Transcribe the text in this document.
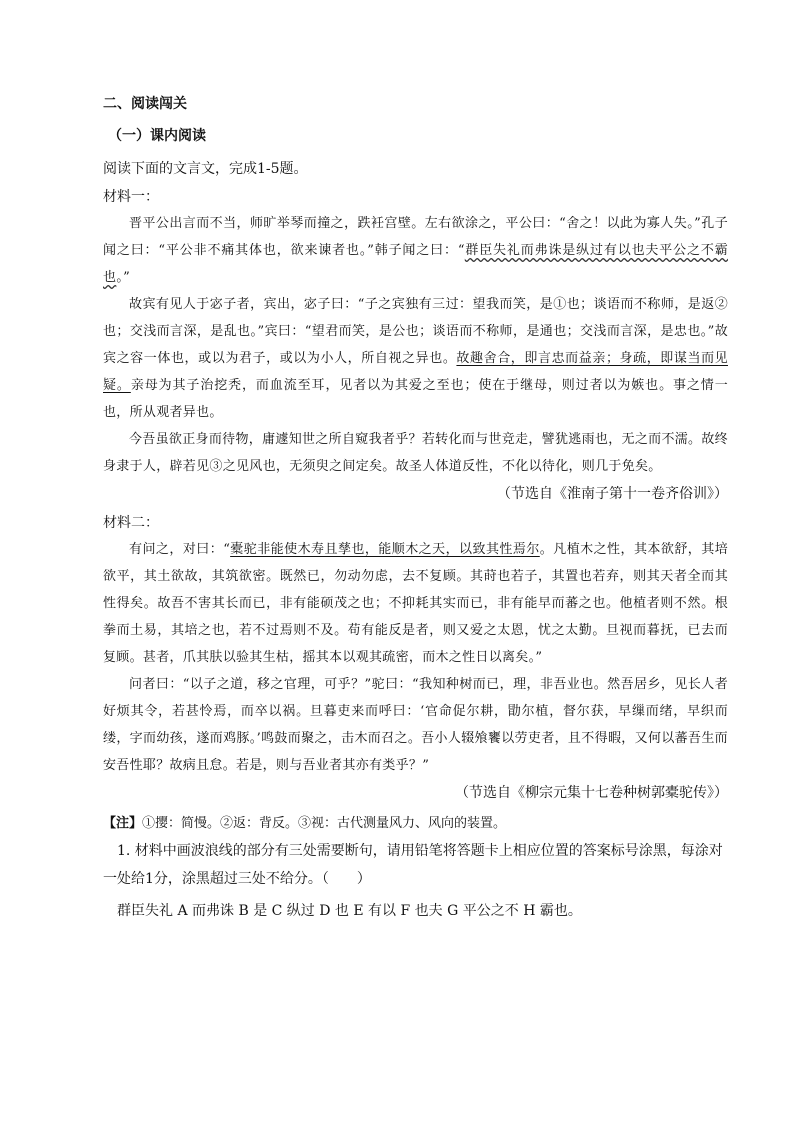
二、阅读闯关
（一）课内阅读

阅读下面的文言文，完成1-5题。

材料一：

晋平公出言而不当，师旷举琴而撞之，跌衽宫壁。左右欲涂之，平公曰：“舍之！以此为寡人失。”孔子闻之曰：“平公非不痛其体也，欲来谏者也。”韩子闻之曰：“群臣失礼而弗诛是纵过有以也夫平公之不霸也。”

故宾有见人于宓子者，宾出，宓子曰：“子之宾独有三过：望我而笑，是①也；谈语而不称师，是返②也；交浅而言深，是乱也。”宾曰：“望君而笑，是公也；谈语而不称师，是通也；交浅而言深，是忠也。”故宾之容一体也，或以为君子，或以为小人，所自视之异也。故趣舍合，即言忠而益亲；身疏，即谋当而见疑。亲母为其子治挖秃，而血流至耳，见者以为其爱之至也；使在于继母，则过者以为嫉也。事之情一也，所从观者异也。

今吾虽欲正身而待物，庸遽知世之所自窥我者乎？若转化而与世竞走，譬犹逃雨也，无之而不濡。故终身隶于人，辟若见③之见风也，无须臾之间定矣。故圣人体道反性，不化以待化，则几于免矣。

（节选自《淮南子第十一卷齐俗训》）

材料二：

有问之，对曰：“橐驼非能使木寿且孳也，能顺木之天，以致其性焉尔。凡植木之性，其本欲舒，其培欲平，其土欲故，其筑欲密。既然已，勿动勿虑，去不复顾。其莳也若子，其置也若弃，则其天者全而其性得矣。故吾不害其长而已，非有能硕茂之也；不抑耗其实而已，非有能早而蕃之也。他植者则不然。根拳而土易，其培之也，若不过焉则不及。苟有能反是者，则又爱之太恩，忧之太勤。旦视而暮抚，已去而复顾。甚者，爪其肤以验其生枯，摇其本以观其疏密，而木之性日以离矣。”

问者曰：“以子之道，移之官理，可乎？”驼曰：“我知种树而已，理，非吾业也。然吾居乡，见长人者好烦其令，若甚怜焉，而卒以祸。旦暮吏来而呼曰：‘官命促尔耕，勖尔植，督尔获，早缫而绪，早织而缕，字而幼孩，遂而鸡豚。’鸣鼓而聚之，击木而召之。吾小人辍飧饔以劳吏者，且不得暇，又何以蕃吾生而安吾性耶？故病且怠。若是，则与吾业者其亦有类乎？”

（节选自《柳宗元集十七卷种树郭橐驼传》）

【注】①撄：简慢。②返：背反。③视：古代测量风力、风向的装置。

1. 材料中画波浪线的部分有三处需要断句，请用铅笔将答题卡上相应位置的答案标号涂黑，每涂对一处给1分，涂黑超过三处不给分。（　　）

群臣失礼 A 而弗诛 B 是 C 纵过 D 也 E 有以 F 也夫 G 平公之不 H 霸也。
